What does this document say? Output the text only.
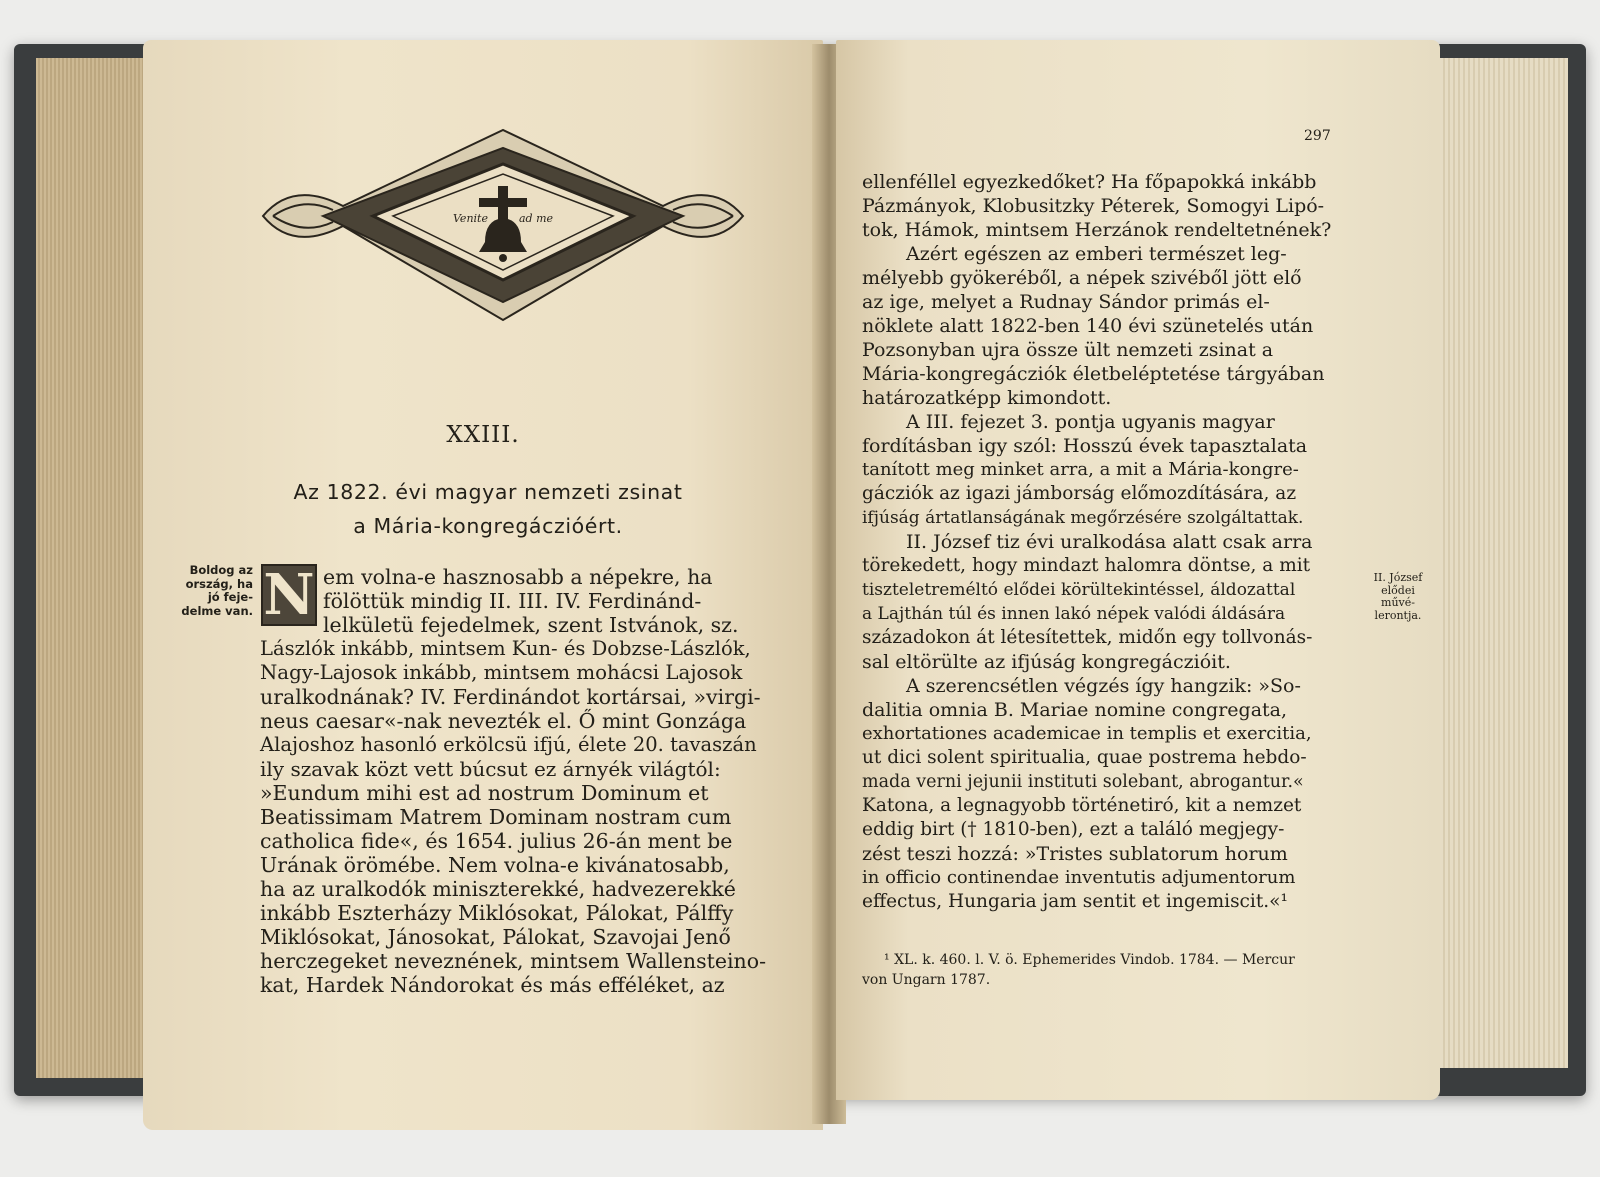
Venite	ad me
XXIII.
Az 1822. évi magyar nemzeti zsinat
a Mária-kongregáczióért.
Boldog az
ország, ha
jó feje-
delme van. N em volna-e hasznosabb a népekre, ha
fölöttük mindig II. III. IV. Ferdinánd-
lelkületü fejedelmek, szent Istvánok, sz.
Lászlók inkább, mintsem Kun- és Dobzse-Lászlók,
Nagy-Lajosok inkább, mintsem mohácsi Lajosok
uralkodnának? IV. Ferdinándot kortársai, »virgi-
neus caesar«-nak nevezték el. Ő mint Gonzága
Alajoshoz hasonló erkölcsü ifjú, élete 20. tavaszán
ily szavak közt vett búcsut ez árnyék világtól:
»Eundum mihi est ad nostrum Dominum et
Beatissimam Matrem Dominam nostram cum
catholica fide«, és 1654. julius 26-án ment be
Urának örömébe. Nem volna-e kivánatosabb,
ha az uralkodók miniszterekké, hadvezerekké
inkább Eszterházy Miklósokat, Pálokat, Pálffy
Miklósokat, Jánosokat, Pálokat, Szavojai Jenő
herczegeket neveznének, mintsem Wallensteino-
kat, Hardek Nándorokat és más efféléket, az
297
ellenféllel egyezkedőket? Ha főpapokká inkább
Pázmányok, Klobusitzky Péterek, Somogyi Lipó-
tok, Hámok, mintsem Herzánok rendeltetnének?
Azért egészen az emberi természet leg-
mélyebb gyökeréből, a népek szivéből jött elő
az ige, melyet a Rudnay Sándor primás el-
nöklete alatt 1822-ben 140 évi szünetelés után
Pozsonyban ujra össze ült nemzeti zsinat a
Mária-kongregácziók életbeléptetése tárgyában
határozatképp kimondott.
A III. fejezet 3. pontja ugyanis magyar
fordításban igy szól: Hosszú évek tapasztalata
tanított meg minket arra, a mit a Mária-kongre-
gácziók az igazi jámborság előmozdítására, az
ifjúság ártatlanságának megőrzésére szolgáltattak.
II. József tiz évi uralkodása alatt csak arra
törekedett, hogy mindazt halomra döntse, a mit
tiszteletreméltó elődei körültekintéssel, áldozattal
a Lajthán túl és innen lakó népek valódi áldására
századokon át létesítettek, midőn egy tollvonás-
sal eltörülte az ifjúság kongregáczióit.
A szerencsétlen végzés így hangzik: »So-
dalitia omnia B. Mariae nomine congregata,
exhortationes academicae in templis et exercitia,
ut dici solent spiritualia, quae postrema hebdo-
mada verni jejunii instituti solebant, abrogantur.«
Katona, a legnagyobb történetiró, kit a nemzet
eddig birt († 1810-ben), ezt a találó megjegy-
zést teszi hozzá: »Tristes sublatorum horum
in officio continendae inventutis adjumentorum
effectus, Hungaria jam sentit et ingemiscit.«¹
II. József
elődei
művé-
lerontja.
¹ XL. k. 460. l. V. ö. Ephemerides Vindob. 1784. — Mercur
von Ungarn 1787.
